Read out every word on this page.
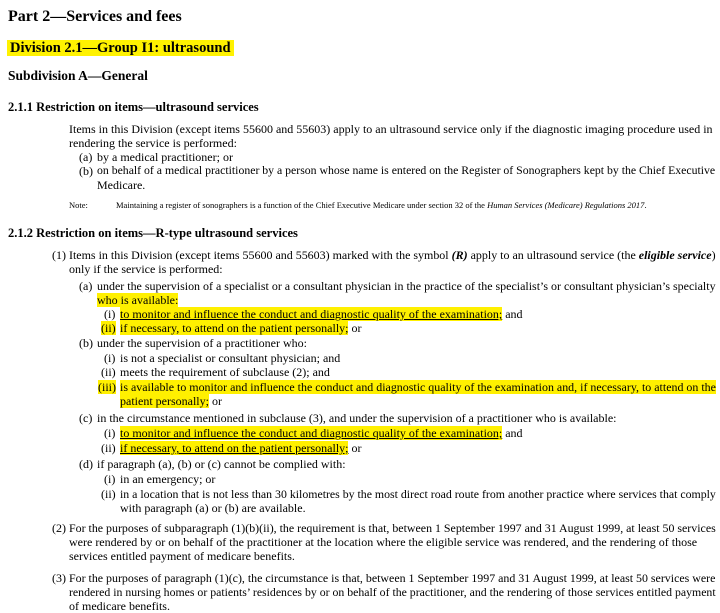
Part 2—Services and fees
Division 2.1—Group I1: ultrasound
Subdivision A—General
2.1.1 Restriction on items—ultrasound services
Items in this Division (except items 55600 and 55603) apply to an ultrasound service only if the diagnostic imaging procedure used in
rendering the service is performed:
(a) by a medical practitioner; or
(b) on behalf of a medical practitioner by a person whose name is entered on the Register of Sonographers kept by the Chief Executive
Medicare.
Note:	Maintaining a register of sonographers is a function of the Chief Executive Medicare under section 32 of the Human Services (Medicare) Regulations 2017.
2.1.2 Restriction on items—R-type ultrasound services
(1) Items in this Division (except items 55600 and 55603) marked with the symbol (R) apply to an ultrasound service (the eligible service)
only if the service is performed:
(a) under the supervision of a specialist or a consultant physician in the practice of the specialist’s or consultant physician’s specialty
who is available:
(i) to monitor and influence the conduct and diagnostic quality of the examination; and
(ii) if necessary, to attend on the patient personally; or
(b) under the supervision of a practitioner who:
(i) is not a specialist or consultant physician; and
(ii) meets the requirement of subclause (2); and
(iii) is available to monitor and influence the conduct and diagnostic quality of the examination and, if necessary, to attend on the
patient personally; or
(c) in the circumstance mentioned in subclause (3), and under the supervision of a practitioner who is available:
(i) to monitor and influence the conduct and diagnostic quality of the examination; and
(ii) if necessary, to attend on the patient personally; or
(d) if paragraph (a), (b) or (c) cannot be complied with:
(i) in an emergency; or
(ii) in a location that is not less than 30 kilometres by the most direct road route from another practice where services that comply
with paragraph (a) or (b) are available.
(2) For the purposes of subparagraph (1)(b)(ii), the requirement is that, between 1 September 1997 and 31 August 1999, at least 50 services
were rendered by or on behalf of the practitioner at the location where the eligible service was rendered, and the rendering of those
services entitled payment of medicare benefits.
(3) For the purposes of paragraph (1)(c), the circumstance is that, between 1 September 1997 and 31 August 1999, at least 50 services were
rendered in nursing homes or patients’ residences by or on behalf of the practitioner, and the rendering of those services entitled payment
of medicare benefits.
